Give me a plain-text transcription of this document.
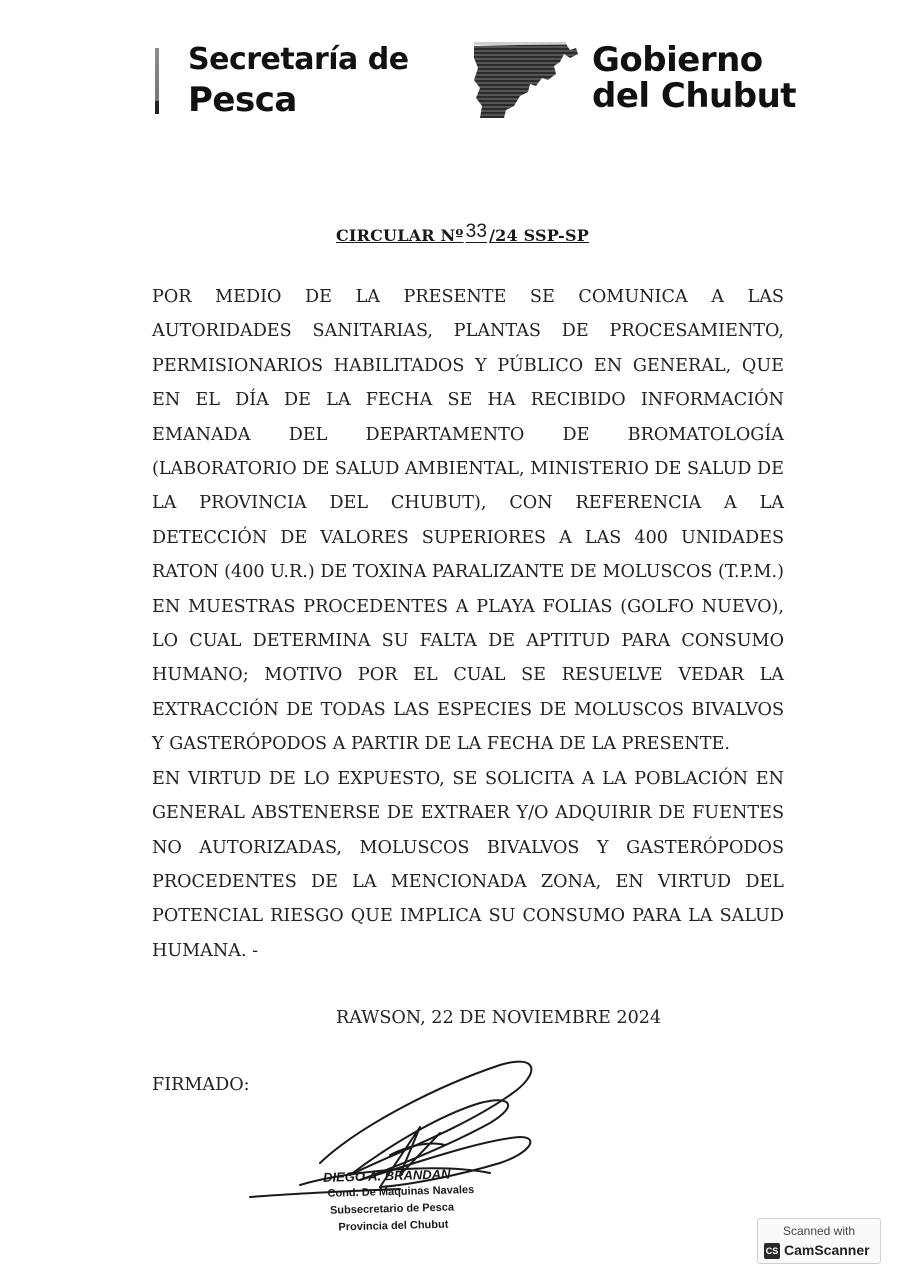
Secretaría de
Pesca
Gobierno
del Chubut
CIRCULAR Nº 33 /24 SSP-SP

POR MEDIO DE LA PRESENTE SE COMUNICA A LAS AUTORIDADES SANITARIAS, PLANTAS DE PROCESAMIENTO, PERMISIONARIOS HABILITADOS Y PÚBLICO EN GENERAL, QUE EN EL DÍA DE LA FECHA SE HA RECIBIDO INFORMACIÓN EMANADA DEL DEPARTAMENTO DE BROMATOLOGÍA (LABORATORIO DE SALUD AMBIENTAL, MINISTERIO DE SALUD DE LA PROVINCIA DEL CHUBUT), CON REFERENCIA A LA DETECCIÓN DE VALORES SUPERIORES A LAS 400 UNIDADES RATON (400 U.R.) DE TOXINA PARALIZANTE DE MOLUSCOS (T.P.M.) EN MUESTRAS PROCEDENTES A PLAYA FOLIAS (GOLFO NUEVO), LO CUAL DETERMINA SU FALTA DE APTITUD PARA CONSUMO HUMANO; MOTIVO POR EL CUAL SE RESUELVE VEDAR LA EXTRACCIÓN DE TODAS LAS ESPECIES DE MOLUSCOS BIVALVOS Y GASTERÓPODOS A PARTIR DE LA FECHA DE LA PRESENTE.

EN VIRTUD DE LO EXPUESTO, SE SOLICITA A LA POBLACIÓN EN GENERAL ABSTENERSE DE EXTRAER Y/O ADQUIRIR DE FUENTES NO AUTORIZADAS, MOLUSCOS BIVALVOS Y GASTERÓPODOS PROCEDENTES DE LA MENCIONADA ZONA, EN VIRTUD DEL POTENCIAL RIESGO QUE IMPLICA SU CONSUMO PARA LA SALUD HUMANA. -

RAWSON, 22 DE NOVIEMBRE 2024
FIRMADO:
DIEGO A. BRANDAN
Cond. De Maquinas Navales
Subsecretario de Pesca
Provincia del Chubut	Scanned with
CS CamScanner
